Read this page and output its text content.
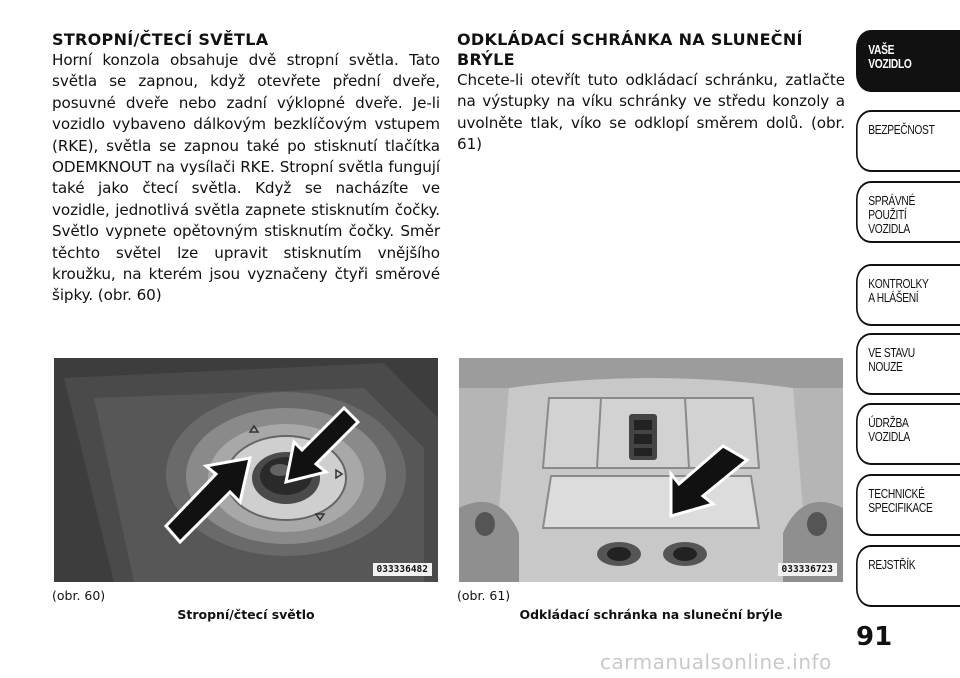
STROPNÍ/ČTECÍ SVĚTLA

Horní konzola obsahuje dvě stropní světla. Tato světla se zapnou, když otevřete přední dveře, posuvné dveře nebo zadní výklopné dveře. Je-li vozidlo vybaveno dálkovým bezklíčovým vstupem (RKE), světla se zapnou také po stisknutí tlačítka ODEMKNOUT na vysílači RKE. Stropní světla fungují také jako čtecí světla. Když se nacházíte ve vozidle, jednotlivá světla zapnete stisknutím čočky. Světlo vypnete opětovným stisknutím čočky. Směr těchto světel lze upravit stisknutím vnějšího kroužku, na kterém jsou vyznačeny čtyři směrové šipky. (obr. 60)

ODKLÁDACÍ SCHRÁNKA NA SLUNEČNÍ
BRÝLE

Chcete-li otevřít tuto odkládací schránku, zatlačte na výstupky na víku schránky ve středu konzoly a uvolněte tlak, víko se odklopí směrem dolů. (obr. 61)

033336482	033336723
(obr. 60)
Stropní/čtecí světlo
(obr. 61)
Odkládací schránka na sluneční brýle
VAŠE
VOZIDLO
BEZPEČNOST
SPRÁVNÉ
POUŽITÍ
VOZIDLA
KONTROLKY
A HLÁŠENÍ
VE STAVU
NOUZE
ÚDRŽBA
VOZIDLA
TECHNICKÉ
SPECIFIKACE
REJSTŘÍK
91
carmanualsonline.info
